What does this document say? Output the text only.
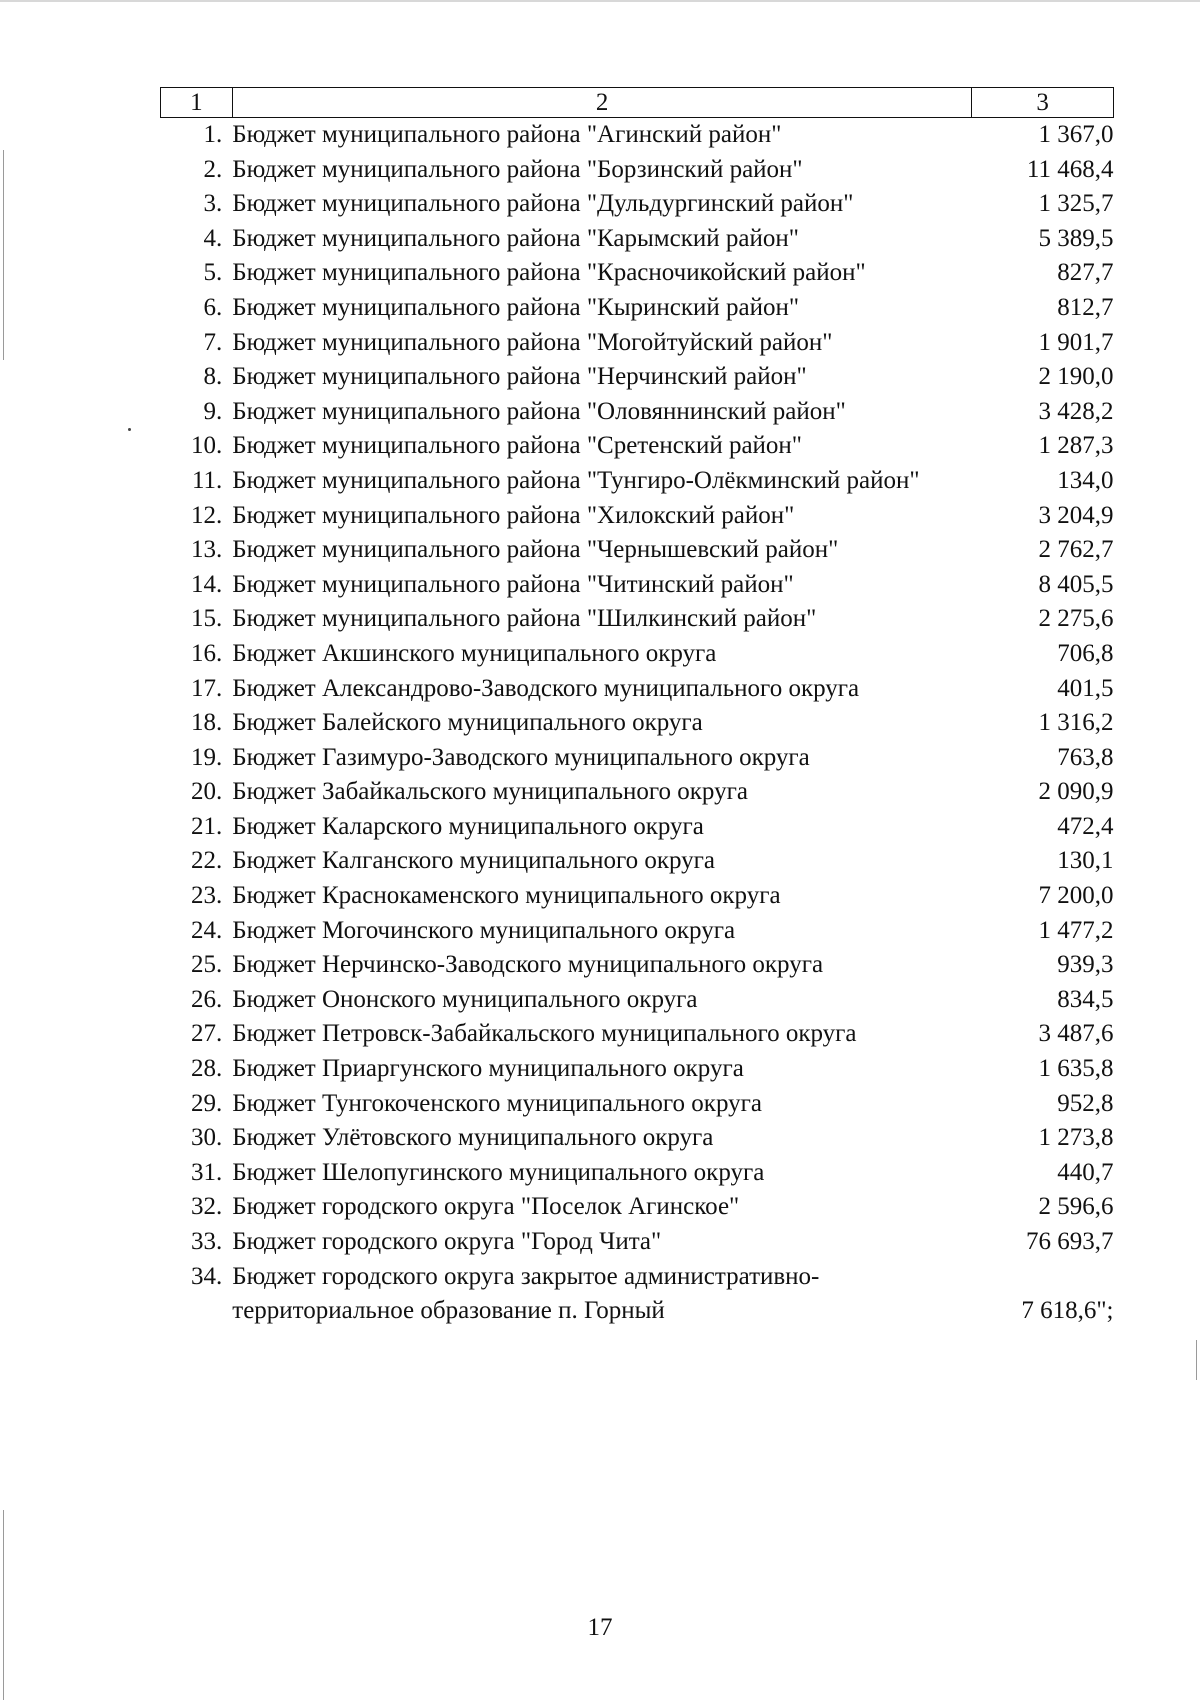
1	2	3
1.	Бюджет муниципального района "Агинский район"	1 367,0
2.	Бюджет муниципального района "Борзинский район"	11 468,4
3.	Бюджет муниципального района "Дульдургинский район"	1 325,7
4.	Бюджет муниципального района "Карымский район"	5 389,5
5.	Бюджет муниципального района "Красночикойский район"	827,7
6.	Бюджет муниципального района "Кыринский район"	812,7
7.	Бюджет муниципального района "Могойтуйский район"	1 901,7
8.	Бюджет муниципального района "Нерчинский район"	2 190,0
9.	Бюджет муниципального района "Оловяннинский район"	3 428,2
10.	Бюджет муниципального района "Сретенский район"	1 287,3
11.	Бюджет муниципального района "Тунгиро-Олёкминский район"	134,0
12.	Бюджет муниципального района "Хилокский район"	3 204,9
13.	Бюджет муниципального района "Чернышевский район"	2 762,7
14.	Бюджет муниципального района "Читинский район"	8 405,5
15.	Бюджет муниципального района "Шилкинский район"	2 275,6
16.	Бюджет Акшинского муниципального округа	706,8
17.	Бюджет Александрово-Заводского муниципального округа	401,5
18.	Бюджет Балейского муниципального округа	1 316,2
19.	Бюджет Газимуро-Заводского муниципального округа	763,8
20.	Бюджет Забайкальского муниципального округа	2 090,9
21.	Бюджет Каларского муниципального округа	472,4
22.	Бюджет Калганского муниципального округа	130,1
23.	Бюджет Краснокаменского муниципального округа	7 200,0
24.	Бюджет Могочинского муниципального округа	1 477,2
25.	Бюджет Нерчинско-Заводского муниципального округа	939,3
26.	Бюджет Ононского муниципального округа	834,5
27.	Бюджет Петровск-Забайкальского муниципального округа	3 487,6
28.	Бюджет Приаргунского муниципального округа	1 635,8
29.	Бюджет Тунгокоченского муниципального округа	952,8
30.	Бюджет Улётовского муниципального округа	1 273,8
31.	Бюджет Шелопугинского муниципального округа	440,7
32.	Бюджет городского округа "Поселок Агинское"	2 596,6
33.	Бюджет городского округа "Город Чита"	76 693,7
34.	Бюджет городского округа закрытое административно-
территориальное образование п. Горный	7 618,6";
17
